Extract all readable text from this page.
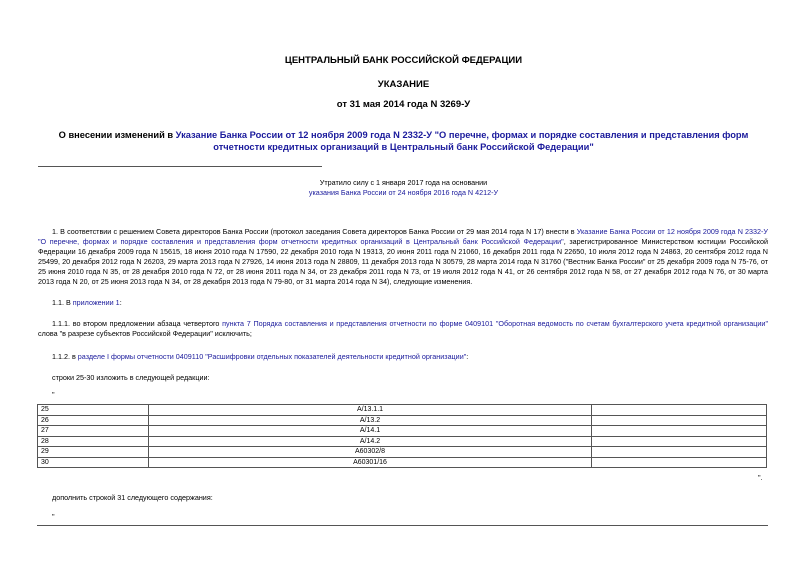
ЦЕНТРАЛЬНЫЙ БАНК РОССИЙСКОЙ ФЕДЕРАЦИИ
УКАЗАНИЕ
от 31 мая 2014 года N 3269-У
О внесении изменений в Указание Банка России от 12 ноября 2009 года N 2332-У "О перечне, формах и порядке составления и представления форм отчетности кредитных организаций в Центральный банк Российской Федерации"
Утратило силу с 1 января 2017 года на основании
указания Банка России от 24 ноября 2016 года N 4212-У
1. В соответствии с решением Совета директоров Банка России (протокол заседания Совета директоров Банка России от 29 мая 2014 года N 17) внести в Указание Банка России от 12 ноября 2009 года N 2332-У "О перечне, формах и порядке составления и представления форм отчетности кредитных организаций в Центральный банк Российской Федерации", зарегистрированное Министерством юстиции Российской Федерации 16 декабря 2009 года N 15615, 18 июня 2010 года N 17590, 22 декабря 2010 года N 19313, 20 июня 2011 года N 21060, 16 декабря 2011 года N 22650, 10 июля 2012 года N 24863, 20 сентября 2012 года N 25499, 20 декабря 2012 года N 26203, 29 марта 2013 года N 27926, 14 июня 2013 года N 28809, 11 декабря 2013 года N 30579, 28 марта 2014 года N 31760 ("Вестник Банка России" от 25 декабря 2009 года N 75-76, от 25 июня 2010 года N 35, от 28 декабря 2010 года N 72, от 28 июня 2011 года N 34, от 23 декабря 2011 года N 73, от 19 июля 2012 года N 41, от 26 сентября 2012 года N 58, от 27 декабря 2012 года N 76, от 30 марта 2013 года N 20, от 25 июня 2013 года N 34, от 28 декабря 2013 года N 79-80, от 31 марта 2014 года N 34), следующие изменения.
1.1. В приложении 1:
1.1.1. во втором предложении абзаца четвертого пункта 7 Порядка составления и представления отчетности по форме 0409101 "Оборотная ведомость по счетам бухгалтерского учета кредитной организации" слова "в разрезе субъектов Российской Федерации" исключить;
1.1.2. в разделе I формы отчетности 0409110 "Расшифровки отдельных показателей деятельности кредитной организации":
строки 25-30 изложить в следующей редакции:
"
25	А/13.1.1	
26	А/13.2	
27	А/14.1	
28	А/14.2	
29	А60302/8	
30	А60301/16	
".
дополнить строкой 31 следующего содержания:
"
